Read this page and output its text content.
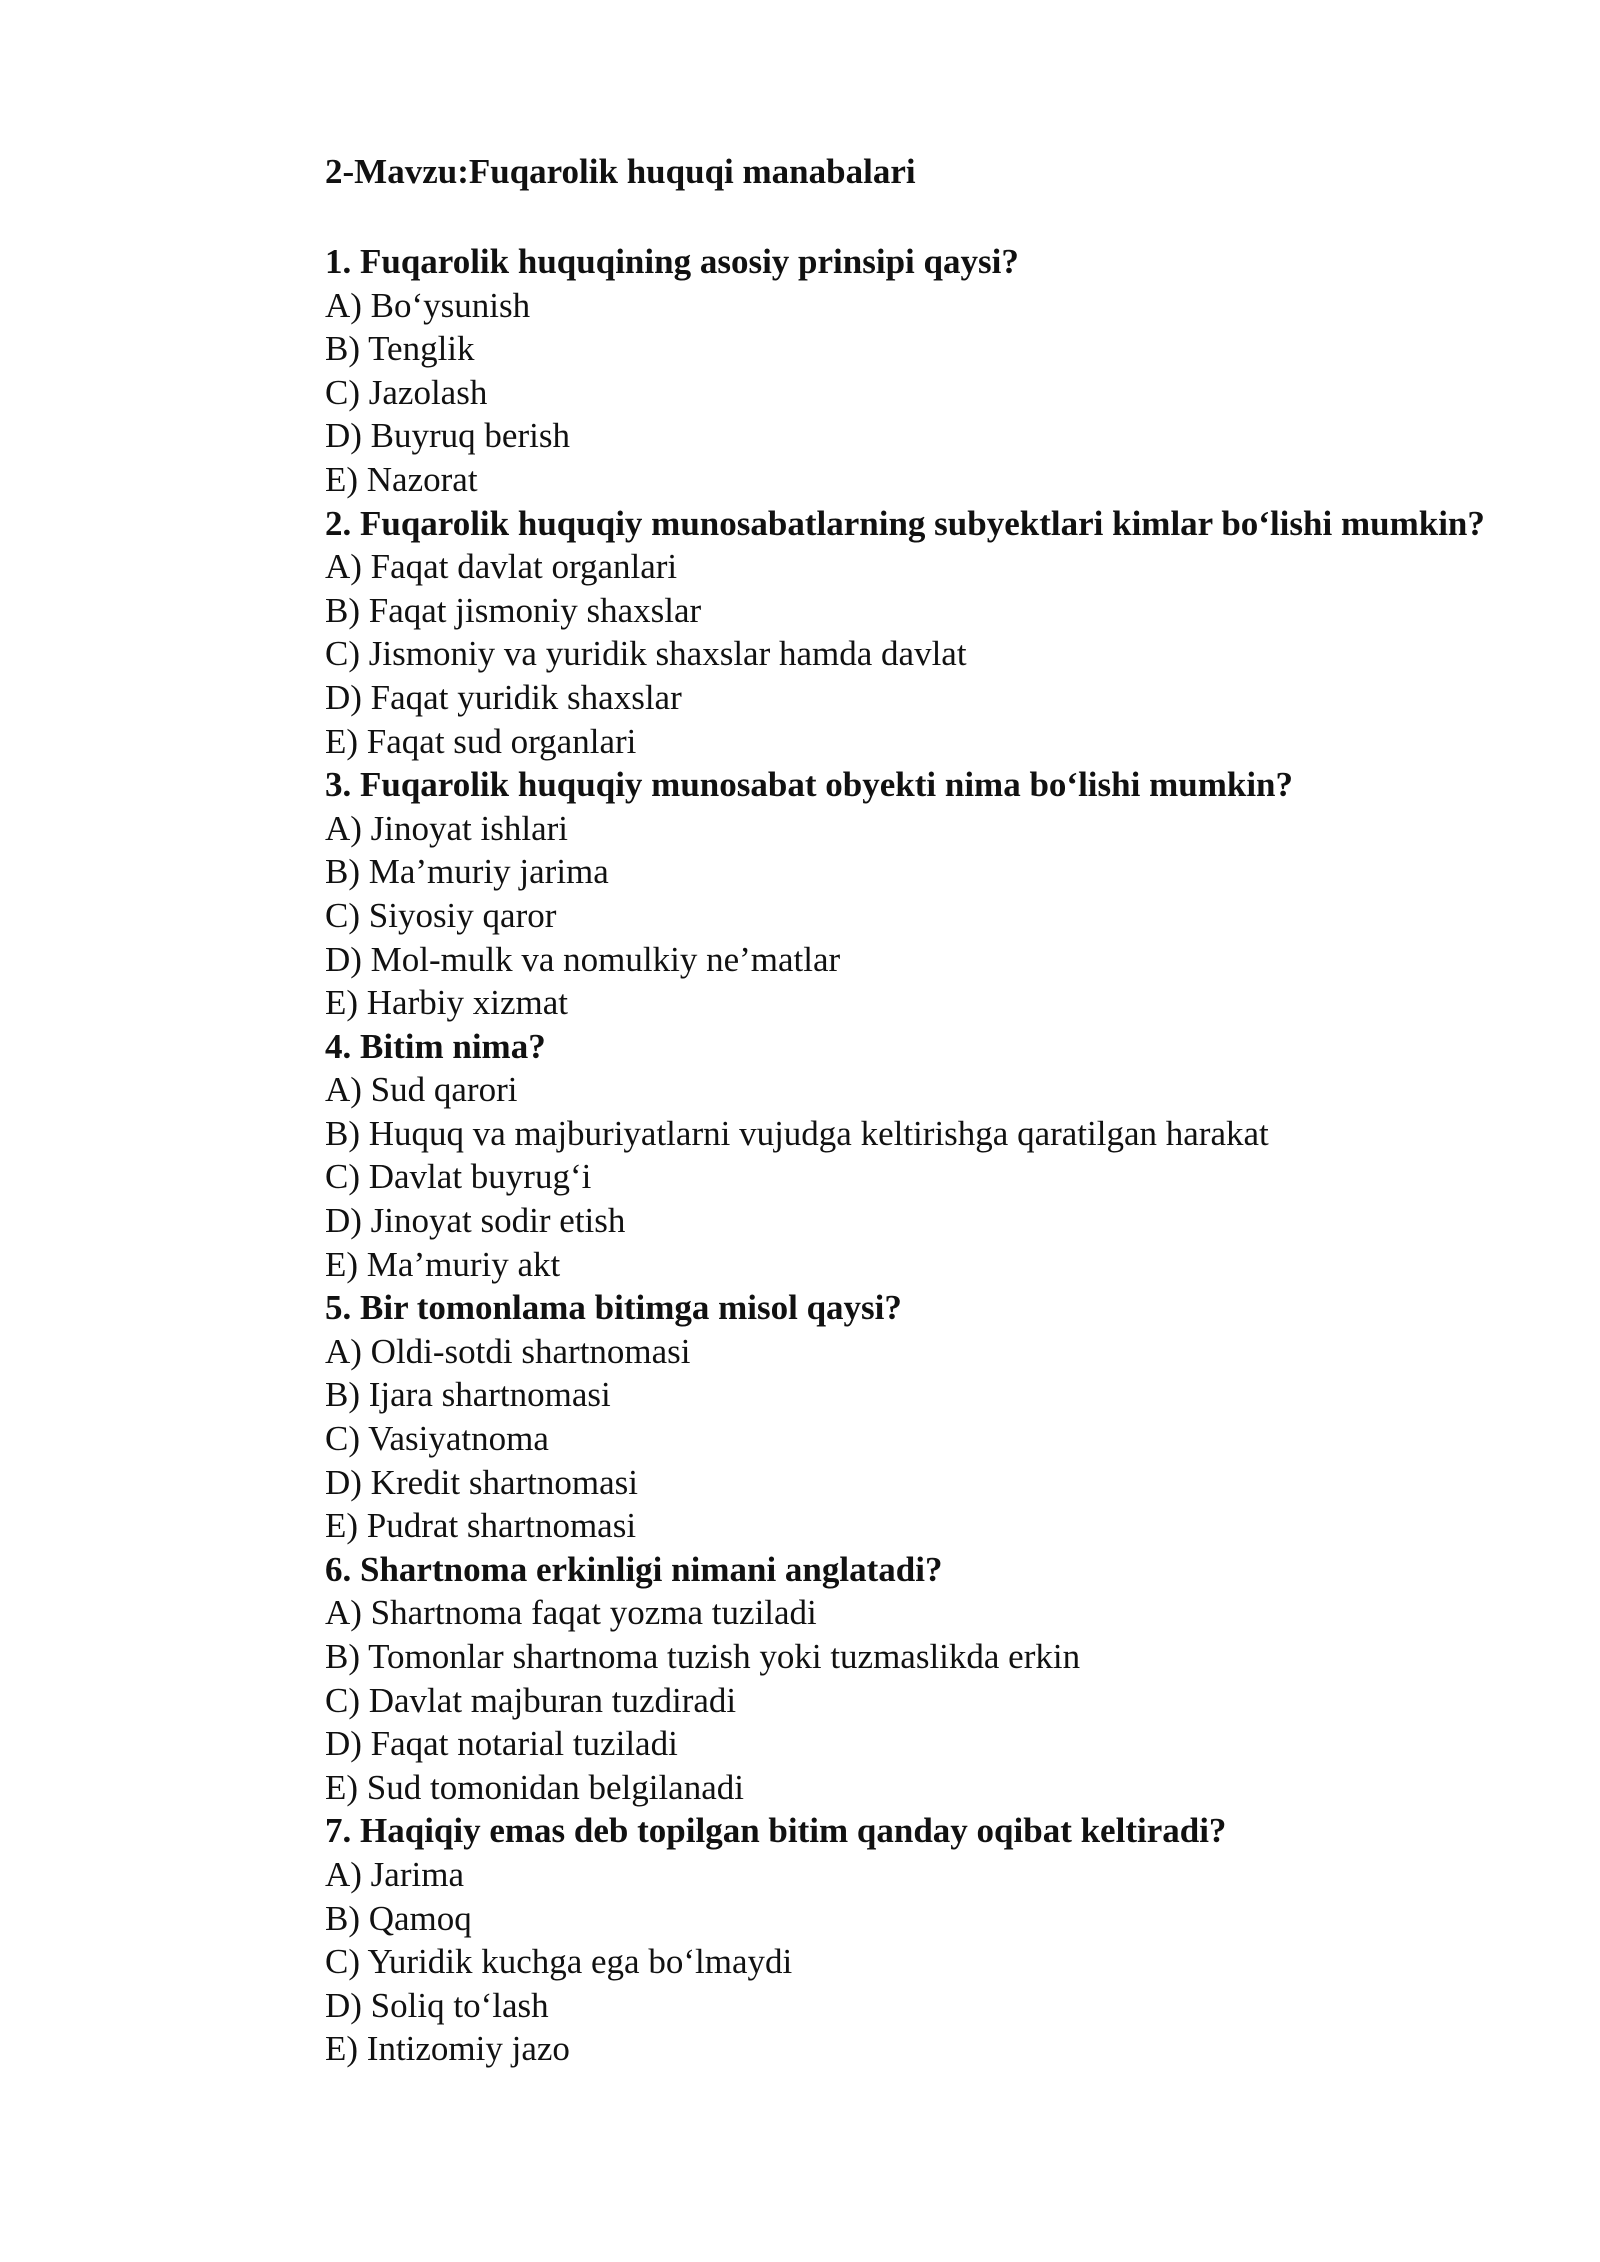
2-Mavzu:Fuqarolik huquqi manabalari

1. Fuqarolik huquqining asosiy prinsipi qaysi?

A) Bo‘ysunish
B) Tenglik
C) Jazolash
D) Buyruq berish
E) Nazorat

2. Fuqarolik huquqiy munosabatlarning subyektlari kimlar bo‘lishi mumkin?

A) Faqat davlat organlari
B) Faqat jismoniy shaxslar
C) Jismoniy va yuridik shaxslar hamda davlat
D) Faqat yuridik shaxslar
E) Faqat sud organlari

3. Fuqarolik huquqiy munosabat obyekti nima bo‘lishi mumkin?

A) Jinoyat ishlari
B) Ma’muriy jarima
C) Siyosiy qaror
D) Mol-mulk va nomulkiy ne’matlar
E) Harbiy xizmat

4. Bitim nima?

A) Sud qarori
B) Huquq va majburiyatlarni vujudga keltirishga qaratilgan harakat
C) Davlat buyrug‘i
D) Jinoyat sodir etish
E) Ma’muriy akt

5. Bir tomonlama bitimga misol qaysi?

A) Oldi-sotdi shartnomasi
B) Ijara shartnomasi
C) Vasiyatnoma
D) Kredit shartnomasi
E) Pudrat shartnomasi

6. Shartnoma erkinligi nimani anglatadi?

A) Shartnoma faqat yozma tuziladi
B) Tomonlar shartnoma tuzish yoki tuzmaslikda erkin
C) Davlat majburan tuzdiradi
D) Faqat notarial tuziladi
E) Sud tomonidan belgilanadi

7. Haqiqiy emas deb topilgan bitim qanday oqibat keltiradi?

A) Jarima
B) Qamoq
C) Yuridik kuchga ega bo‘lmaydi
D) Soliq to‘lash
E) Intizomiy jazo
